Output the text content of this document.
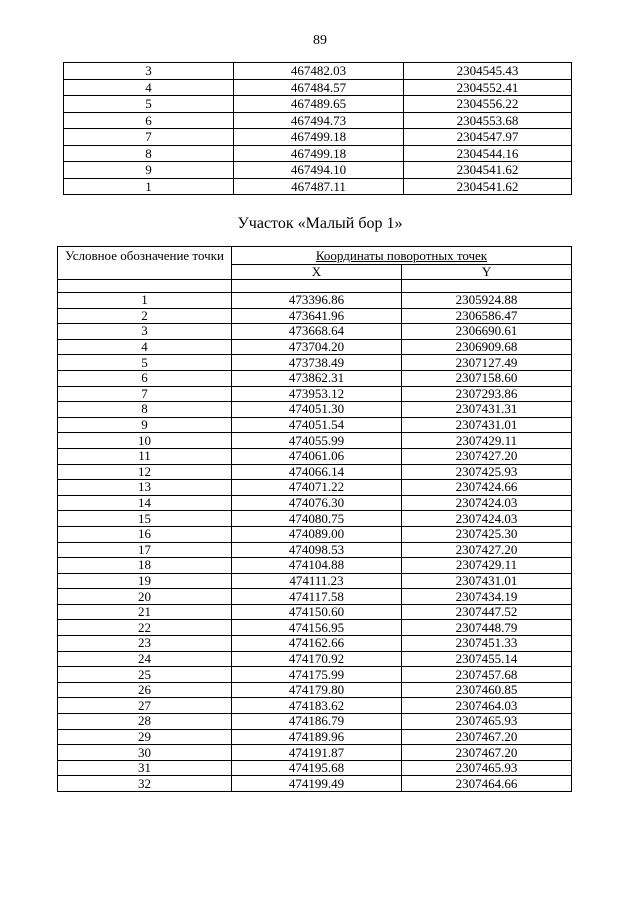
89
3	467482.03	2304545.43
4	467484.57	2304552.41
5	467489.65	2304556.22
6	467494.73	2304553.68
7	467499.18	2304547.97
8	467499.18	2304544.16
9	467494.10	2304541.62
1	467487.11	2304541.62
Участок «Малый бор 1»
Условное обозначение точки	Координаты поворотных точек	
	X	Y

1	473396.86	2305924.88
2	473641.96	2306586.47
3	473668.64	2306690.61
4	473704.20	2306909.68
5	473738.49	2307127.49
6	473862.31	2307158.60
7	473953.12	2307293.86
8	474051.30	2307431.31
9	474051.54	2307431.01
10	474055.99	2307429.11
11	474061.06	2307427.20
12	474066.14	2307425.93
13	474071.22	2307424.66
14	474076.30	2307424.03
15	474080.75	2307424.03
16	474089.00	2307425.30
17	474098.53	2307427.20
18	474104.88	2307429.11
19	474111.23	2307431.01
20	474117.58	2307434.19
21	474150.60	2307447.52
22	474156.95	2307448.79
23	474162.66	2307451.33
24	474170.92	2307455.14
25	474175.99	2307457.68
26	474179.80	2307460.85
27	474183.62	2307464.03
28	474186.79	2307465.93
29	474189.96	2307467.20
30	474191.87	2307467.20
31	474195.68	2307465.93
32	474199.49	2307464.66
